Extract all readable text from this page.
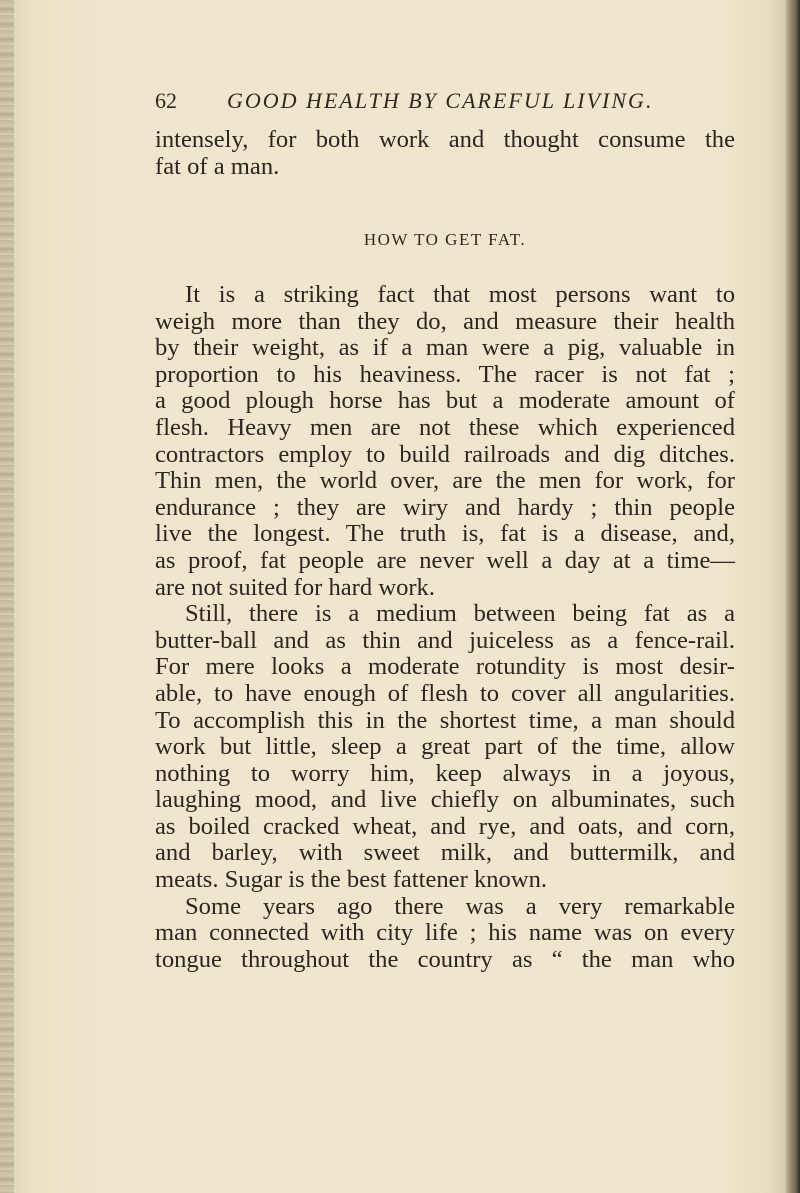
62 GOOD HEALTH BY CAREFUL LIVING.
intensely, for both work and thought consume the
fat of a man.
HOW TO GET FAT.
It is a striking fact that most persons want to
weigh more than they do, and measure their health
by their weight, as if a man were a pig, valuable in
proportion to his heaviness. The racer is not fat ;
a good plough horse has but a moderate amount of
flesh. Heavy men are not these which experienced
contractors employ to build railroads and dig ditches.
Thin men, the world over, are the men for work, for
endurance ; they are wiry and hardy ; thin people
live the longest. The truth is, fat is a disease, and,
as proof, fat people are never well a day at a time—
are not suited for hard work.
Still, there is a medium between being fat as a
butter-ball and as thin and juiceless as a fence-rail.
For mere looks a moderate rotundity is most desir-
able, to have enough of flesh to cover all angularities.
To accomplish this in the shortest time, a man should
work but little, sleep a great part of the time, allow
nothing to worry him, keep always in a joyous,
laughing mood, and live chiefly on albuminates, such
as boiled cracked wheat, and rye, and oats, and corn,
and barley, with sweet milk, and buttermilk, and
meats. Sugar is the best fattener known.
Some years ago there was a very remarkable
man connected with city life ; his name was on every
tongue throughout the country as “ the man who
